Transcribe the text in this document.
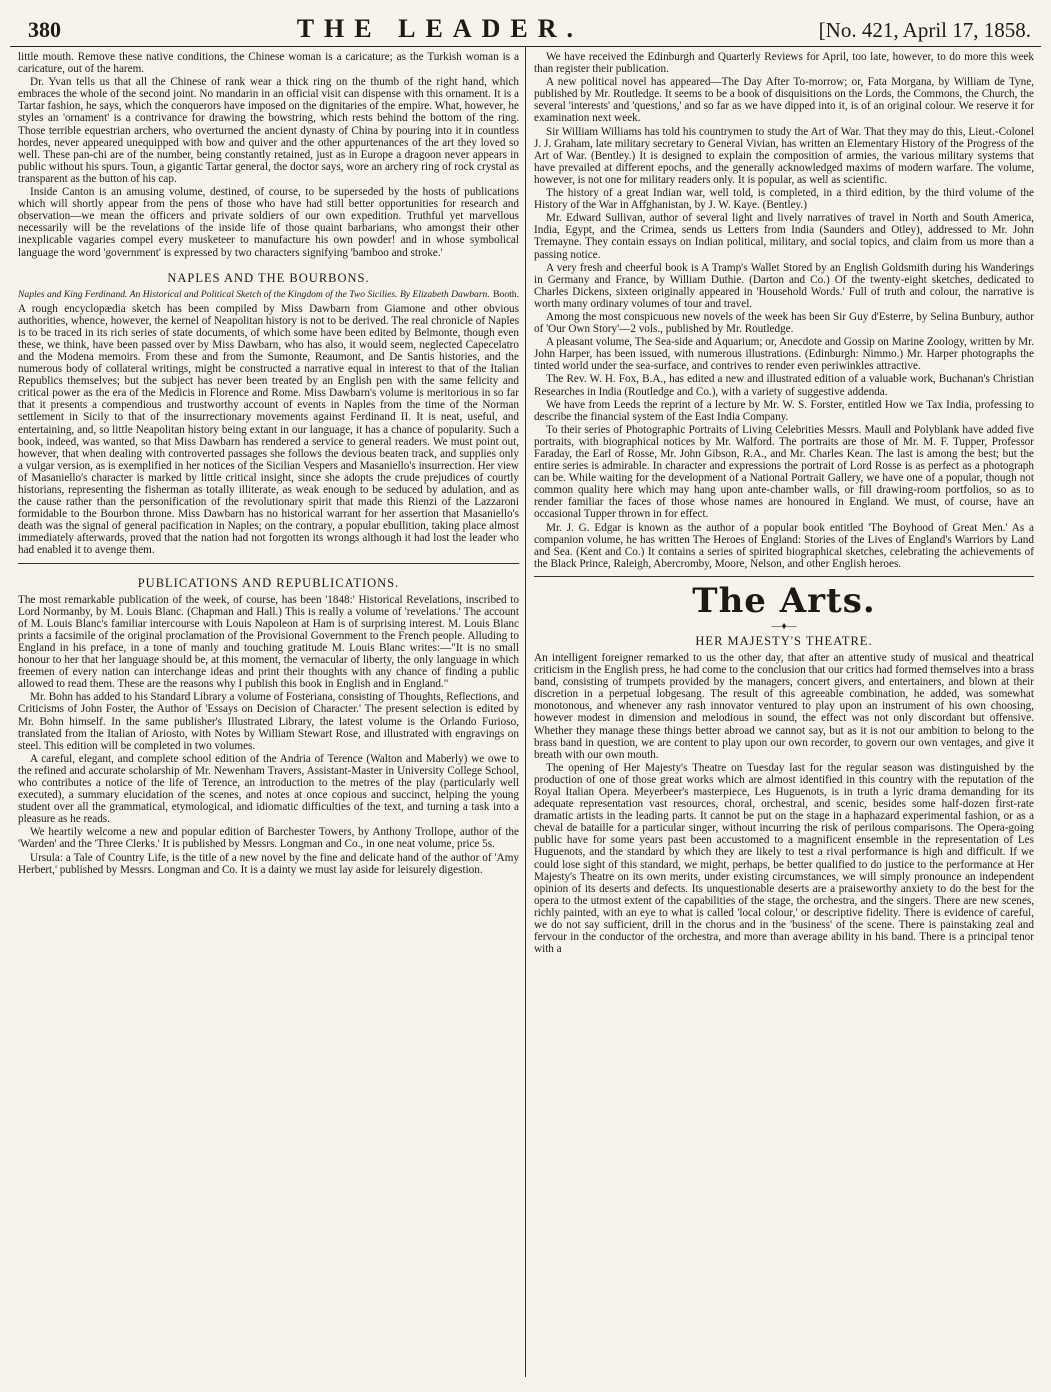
380	THE LEADER.	[No. 421, April 17, 1858.

little mouth. Remove these native conditions, the Chinese woman is a caricature; as the Turkish woman is a caricature, out of the harem.

Dr. Yvan tells us that all the Chinese of rank wear a thick ring on the thumb of the right hand, which embraces the whole of the second joint. No mandarin in an official visit can dispense with this ornament. It is a Tartar fashion, he says, which the conquerors have imposed on the dignitaries of the empire. What, however, he styles an 'ornament' is a contrivance for drawing the bowstring, which rests behind the bottom of the ring. Those terrible equestrian archers, who overturned the ancient dynasty of China by pouring into it in countless hordes, never appeared unequipped with bow and quiver and the other appurtenances of the art they loved so well. These pan-chi are of the number, being constantly retained, just as in Europe a dragoon never appears in public without his spurs. Toun, a gigantic Tartar general, the doctor says, wore an archery ring of rock crystal as transparent as the button of his cap.

Inside Canton is an amusing volume, destined, of course, to be superseded by the hosts of publications which will shortly appear from the pens of those who have had still better opportunities for research and observation—we mean the officers and private soldiers of our own expedition. Truthful yet marvellous necessarily will be the revelations of the inside life of those quaint barbarians, who amongst their other inexplicable vagaries compel every musketeer to manufacture his own powder! and in whose symbolical language the word 'government' is expressed by two characters signifying 'bamboo and stroke.'

NAPLES AND THE BOURBONS.
Naples and King Ferdinand. An Historical and Political Sketch of the Kingdom of the Two Sicilies. By Elizabeth Dawbarn. Booth.

A rough encyclopædia sketch has been compiled by Miss Dawbarn from Giamone and other obvious authorities, whence, however, the kernel of Neapolitan history is not to be derived. The real chronicle of Naples is to be traced in its rich series of state documents, of which some have been edited by Belmonte, though even these, we think, have been passed over by Miss Dawbarn, who has also, it would seem, neglected Capecelatro and the Modena memoirs. From these and from the Sumonte, Reaumont, and De Santis histories, and the numerous body of collateral writings, might be constructed a narrative equal in interest to that of the Italian Republics themselves; but the subject has never been treated by an English pen with the same felicity and critical power as the era of the Medicis in Florence and Rome. Miss Dawbarn's volume is meritorious in so far that it presents a compendious and trustworthy account of events in Naples from the time of the Norman settlement in Sicily to that of the insurrectionary movements against Ferdinand II. It is neat, useful, and entertaining, and, so little Neapolitan history being extant in our language, it has a chance of popularity. Such a book, indeed, was wanted, so that Miss Dawbarn has rendered a service to general readers. We must point out, however, that when dealing with controverted passages she follows the devious beaten track, and supplies only a vulgar version, as is exemplified in her notices of the Sicilian Vespers and Masaniello's insurrection. Her view of Masaniello's character is marked by little critical insight, since she adopts the crude prejudices of courtly historians, representing the fisherman as totally illiterate, as weak enough to be seduced by adulation, and as the cause rather than the personification of the revolutionary spirit that made this Rienzi of the Lazzaroni formidable to the Bourbon throne. Miss Dawbarn has no historical warrant for her assertion that Masaniello's death was the signal of general pacification in Naples; on the contrary, a popular ebullition, taking place almost immediately afterwards, proved that the nation had not forgotten its wrongs although it had lost the leader who had enabled it to avenge them.

PUBLICATIONS AND REPUBLICATIONS.

The most remarkable publication of the week, of course, has been '1848:' Historical Revelations, inscribed to Lord Normanby, by M. Louis Blanc. (Chapman and Hall.) This is really a volume of 'revelations.' The account of M. Louis Blanc's familiar intercourse with Louis Napoleon at Ham is of surprising interest. M. Louis Blanc prints a facsimile of the original proclamation of the Provisional Government to the French people. Alluding to England in his preface, in a tone of manly and touching gratitude M. Louis Blanc writes:—"It is no small honour to her that her language should be, at this moment, the vernacular of liberty, the only language in which freemen of every nation can interchange ideas and print their thoughts with any chance of finding a public allowed to read them. These are the reasons why I publish this book in English and in England."

Mr. Bohn has added to his Standard Library a volume of Fosteriana, consisting of Thoughts, Reflections, and Criticisms of John Foster, the Author of 'Essays on Decision of Character.' The present selection is edited by Mr. Bohn himself. In the same publisher's Illustrated Library, the latest volume is the Orlando Furioso, translated from the Italian of Ariosto, with Notes by William Stewart Rose, and illustrated with engravings on steel. This edition will be completed in two volumes.

A careful, elegant, and complete school edition of the Andria of Terence (Walton and Maberly) we owe to the refined and accurate scholarship of Mr. Newenham Travers, Assistant-Master in University College School, who contributes a notice of the life of Terence, an introduction to the metres of the play (particularly well executed), a summary elucidation of the scenes, and notes at once copious and succinct, helping the young student over all the grammatical, etymological, and idiomatic difficulties of the text, and turning a task into a pleasure as he reads.

We heartily welcome a new and popular edition of Barchester Towers, by Anthony Trollope, author of the 'Warden' and the 'Three Clerks.' It is published by Messrs. Longman and Co., in one neat volume, price 5s.

Ursula: a Tale of Country Life, is the title of a new novel by the fine and delicate hand of the author of 'Amy Herbert,' published by Messrs. Longman and Co. It is a dainty we must lay aside for leisurely digestion.

We have received the Edinburgh and Quarterly Reviews for April, too late, however, to do more this week than register their publication.

A new political novel has appeared—The Day After To-morrow; or, Fata Morgana, by William de Tyne, published by Mr. Routledge. It seems to be a book of disquisitions on the Lords, the Commons, the Church, the several 'interests' and 'questions,' and so far as we have dipped into it, is of an original colour. We reserve it for examination next week.

Sir William Williams has told his countrymen to study the Art of War. That they may do this, Lieut.-Colonel J. J. Graham, late military secretary to General Vivian, has written an Elementary History of the Progress of the Art of War. (Bentley.) It is designed to explain the composition of armies, the various military systems that have prevailed at different epochs, and the generally acknowledged maxims of modern warfare. The volume, however, is not one for military readers only. It is popular, as well as scientific.

The history of a great Indian war, well told, is completed, in a third edition, by the third volume of the History of the War in Affghanistan, by J. W. Kaye. (Bentley.)

Mr. Edward Sullivan, author of several light and lively narratives of travel in North and South America, India, Egypt, and the Crimea, sends us Letters from India (Saunders and Otley), addressed to Mr. John Tremayne. They contain essays on Indian political, military, and social topics, and claim from us more than a passing notice.

A very fresh and cheerful book is A Tramp's Wallet Stored by an English Goldsmith during his Wanderings in Germany and France, by William Duthie. (Darton and Co.) Of the twenty-eight sketches, dedicated to Charles Dickens, sixteen originally appeared in 'Household Words.' Full of truth and colour, the narrative is worth many ordinary volumes of tour and travel.

Among the most conspicuous new novels of the week has been Sir Guy d'Esterre, by Selina Bunbury, author of 'Our Own Story'—2 vols., published by Mr. Routledge.

A pleasant volume, The Sea-side and Aquarium; or, Anecdote and Gossip on Marine Zoology, written by Mr. John Harper, has been issued, with numerous illustrations. (Edinburgh: Nimmo.) Mr. Harper photographs the tinted world under the sea-surface, and contrives to render even periwinkles attractive.

The Rev. W. H. Fox, B.A., has edited a new and illustrated edition of a valuable work, Buchanan's Christian Researches in India (Routledge and Co.), with a variety of suggestive addenda.

We have from Leeds the reprint of a lecture by Mr. W. S. Forster, entitled How we Tax India, professing to describe the financial system of the East India Company.

To their series of Photographic Portraits of Living Celebrities Messrs. Maull and Polyblank have added five portraits, with biographical notices by Mr. Walford. The portraits are those of Mr. M. F. Tupper, Professor Faraday, the Earl of Rosse, Mr. John Gibson, R.A., and Mr. Charles Kean. The last is among the best; but the entire series is admirable. In character and expressions the portrait of Lord Rosse is as perfect as a photograph can be. While waiting for the development of a National Portrait Gallery, we have one of a popular, though not common quality here which may hang upon ante-chamber walls, or fill drawing-room portfolios, so as to render familiar the faces of those whose names are honoured in England. We must, of course, have an occasional Tupper thrown in for effect.

Mr. J. G. Edgar is known as the author of a popular book entitled 'The Boyhood of Great Men.' As a companion volume, he has written The Heroes of England: Stories of the Lives of England's Warriors by Land and Sea. (Kent and Co.) It contains a series of spirited biographical sketches, celebrating the achievements of the Black Prince, Raleigh, Abercromby, Moore, Nelson, and other English heroes.

The Arts.
—♦—
HER MAJESTY'S THEATRE.

An intelligent foreigner remarked to us the other day, that after an attentive study of musical and theatrical criticism in the English press, he had come to the conclusion that our critics had formed themselves into a brass band, consisting of trumpets provided by the managers, concert givers, and entertainers, and blown at their discretion in a perpetual lobgesang. The result of this agreeable combination, he added, was somewhat monotonous, and whenever any rash innovator ventured to play upon an instrument of his own choosing, however modest in dimension and melodious in sound, the effect was not only discordant but offensive. Whether they manage these things better abroad we cannot say, but as it is not our ambition to belong to the brass band in question, we are content to play upon our own recorder, to govern our own ventages, and give it breath with our own mouth.

The opening of Her Majesty's Theatre on Tuesday last for the regular season was distinguished by the production of one of those great works which are almost identified in this country with the reputation of the Royal Italian Opera. Meyerbeer's masterpiece, Les Huguenots, is in truth a lyric drama demanding for its adequate representation vast resources, choral, orchestral, and scenic, besides some half-dozen first-rate dramatic artists in the leading parts. It cannot be put on the stage in a haphazard experimental fashion, or as a cheval de bataille for a particular singer, without incurring the risk of perilous comparisons. The Opera-going public have for some years past been accustomed to a magnificent ensemble in the representation of Les Huguenots, and the standard by which they are likely to test a rival performance is high and difficult. If we could lose sight of this standard, we might, perhaps, be better qualified to do justice to the performance at Her Majesty's Theatre on its own merits, under existing circumstances, we will simply pronounce an independent opinion of its deserts and defects. Its unquestionable deserts are a praiseworthy anxiety to do the best for the opera to the utmost extent of the capabilities of the stage, the orchestra, and the singers. There are new scenes, richly painted, with an eye to what is called 'local colour,' or descriptive fidelity. There is evidence of careful, we do not say sufficient, drill in the chorus and in the 'business' of the scene. There is painstaking zeal and fervour in the conductor of the orchestra, and more than average ability in his band. There is a principal tenor with a
